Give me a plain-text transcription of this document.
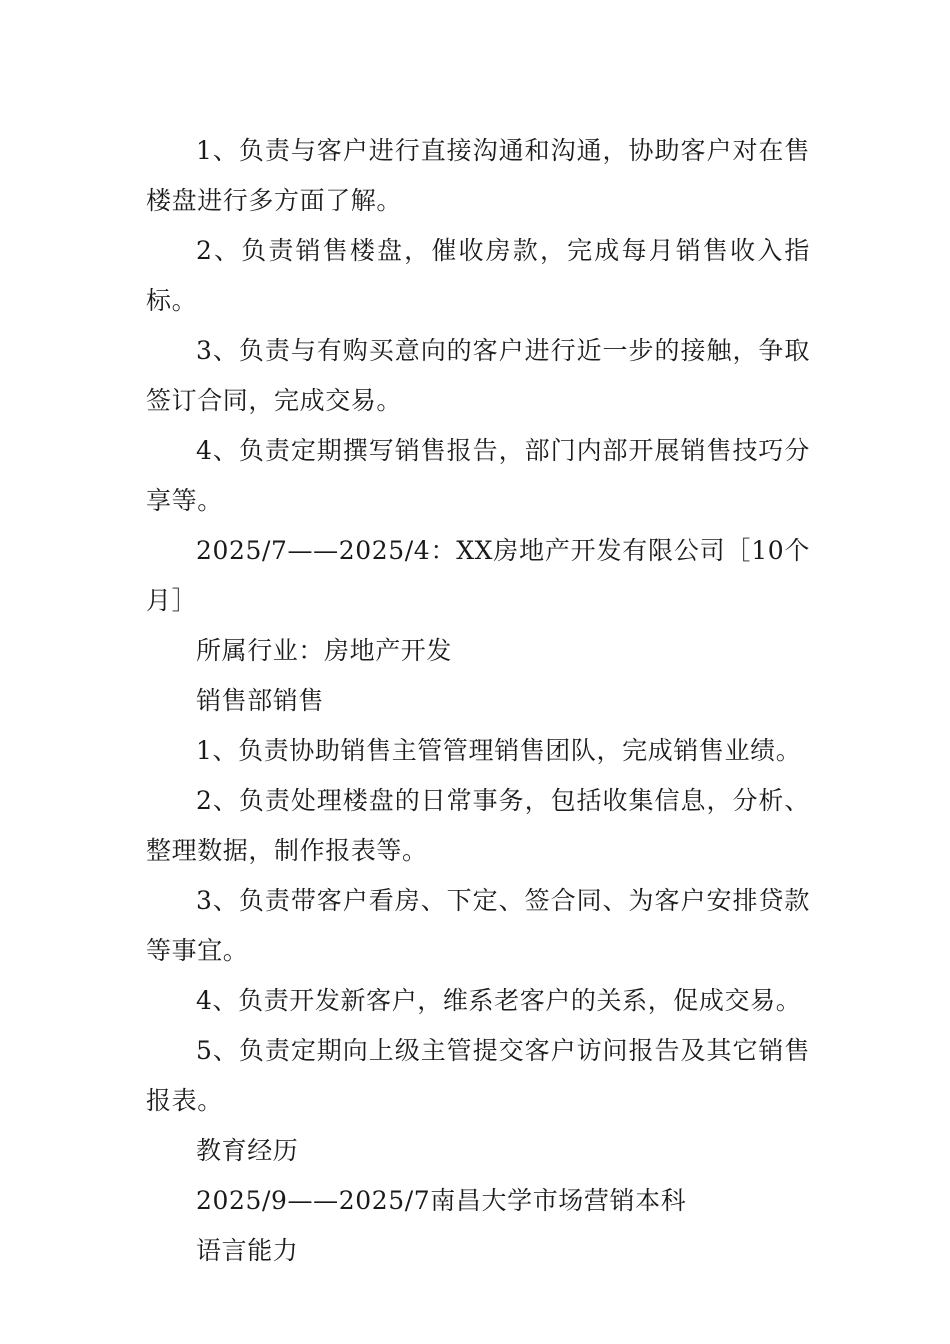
1、负责与客户进行直接沟通和沟通，协助客户对在售楼盘进行多方面了解。

2、负责销售楼盘，催收房款，完成每月销售收入指标。

3、负责与有购买意向的客户进行近一步的接触，争取签订合同，完成交易。

4、负责定期撰写销售报告，部门内部开展销售技巧分享等。

2025/7——2025/4：XX房地产开发有限公司［10个月］

所属行业：房地产开发

销售部销售

1、负责协助销售主管管理销售团队，完成销售业绩。

2、负责处理楼盘的日常事务，包括收集信息，分析、整理数据，制作报表等。

3、负责带客户看房、下定、签合同、为客户安排贷款等事宜。

4、负责开发新客户，维系老客户的关系，促成交易。

5、负责定期向上级主管提交客户访问报告及其它销售报表。

教育经历

2025/9——2025/7南昌大学市场营销本科

语言能力
